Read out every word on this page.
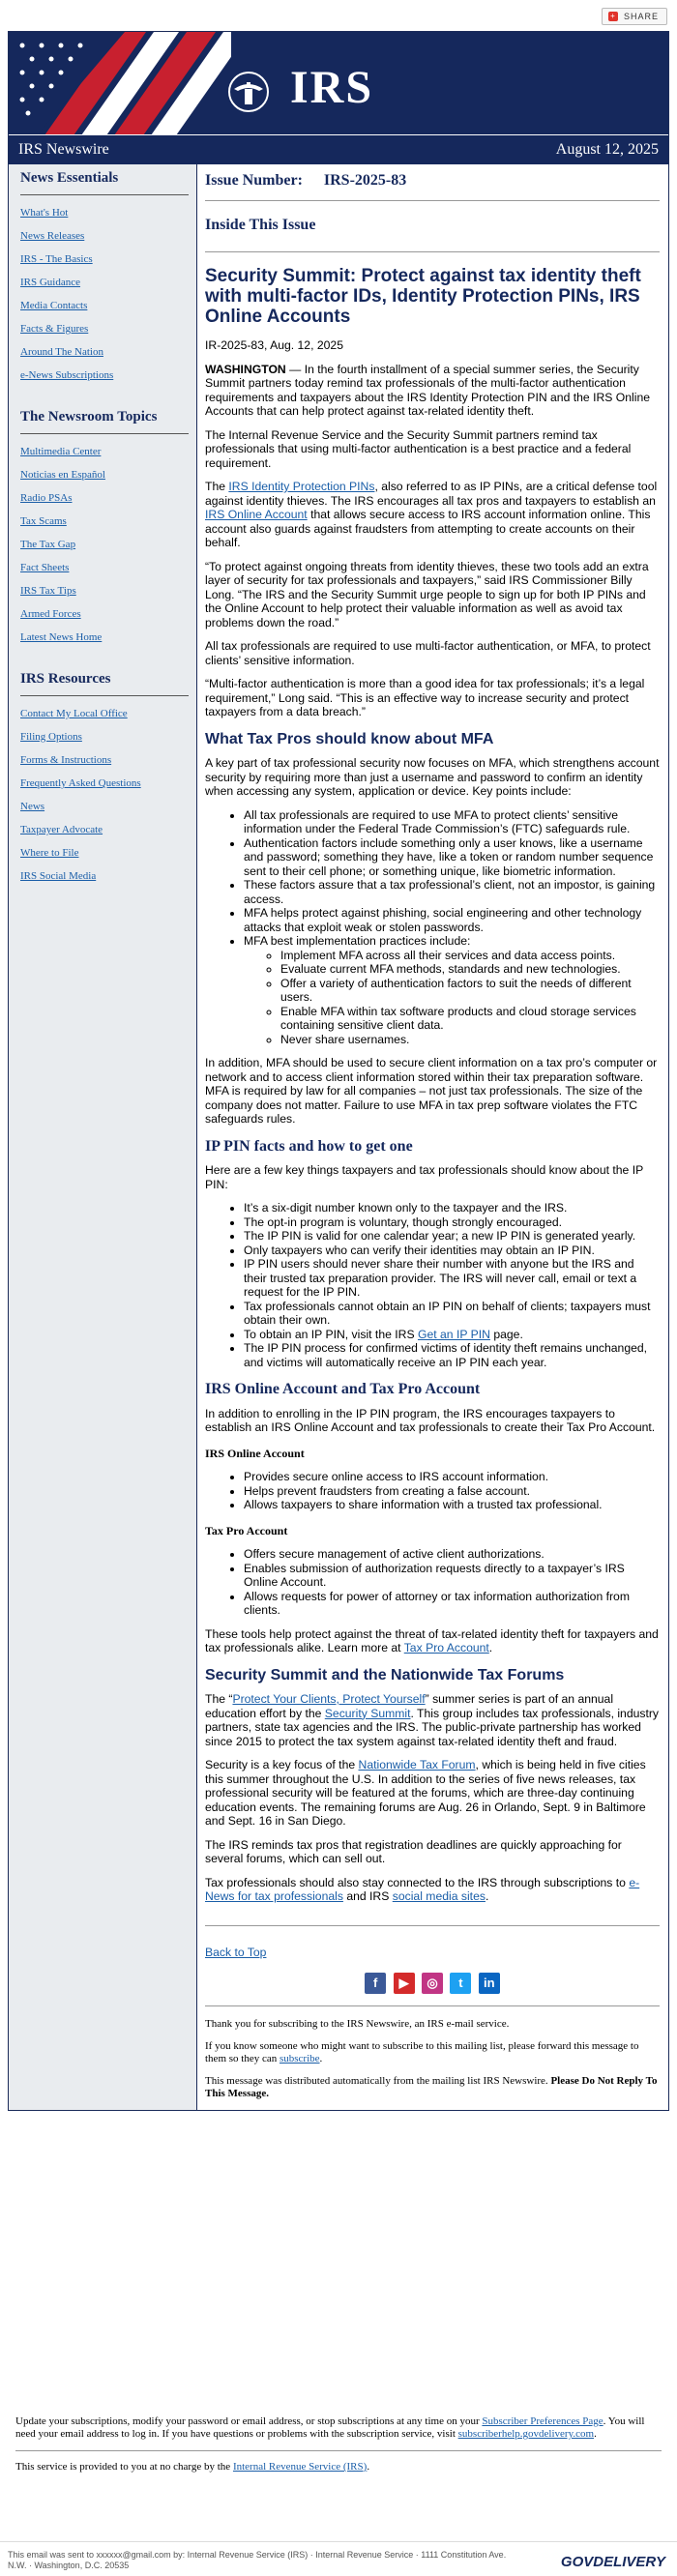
+ SHARE
IRS
IRS Newswire	August 12, 2025
News Essentials
What's Hot
News Releases
IRS - The Basics
IRS Guidance
Media Contacts
Facts & Figures
Around The Nation
e-News Subscriptions
The Newsroom Topics
Multimedia Center
Noticias en Español
Radio PSAs
Tax Scams
The Tax Gap
Fact Sheets
IRS Tax Tips
Armed Forces
Latest News Home
IRS Resources
Contact My Local Office
Filing Options
Forms & Instructions
Frequently Asked Questions
News
Taxpayer Advocate
Where to File
IRS Social Media
Issue Number: IRS-2025-83
Inside This Issue
Security Summit: Protect against tax identity theft with multi-factor IDs, Identity Protection PINs, IRS Online Accounts

IR-2025-83, Aug. 12, 2025

WASHINGTON — In the fourth installment of a special summer series, the Security Summit partners today remind tax professionals of the multi-factor authentication requirements and taxpayers about the IRS Identity Protection PIN and the IRS Online Accounts that can help protect against tax-related identity theft.

The Internal Revenue Service and the Security Summit partners remind tax professionals that using multi-factor authentication is a best practice and a federal requirement.

The IRS Identity Protection PINs, also referred to as IP PINs, are a critical defense tool against identity thieves. The IRS encourages all tax pros and taxpayers to establish an IRS Online Account that allows secure access to IRS account information online. This account also guards against fraudsters from attempting to create accounts on their behalf.

“To protect against ongoing threats from identity thieves, these two tools add an extra layer of security for tax professionals and taxpayers,” said IRS Commissioner Billy Long. “The IRS and the Security Summit urge people to sign up for both IP PINs and the Online Account to help protect their valuable information as well as avoid tax problems down the road.”

All tax professionals are required to use multi-factor authentication, or MFA, to protect clients’ sensitive information.

“Multi-factor authentication is more than a good idea for tax professionals; it’s a legal requirement,” Long said. “This is an effective way to increase security and protect taxpayers from a data breach.”

What Tax Pros should know about MFA

A key part of tax professional security now focuses on MFA, which strengthens account security by requiring more than just a username and password to confirm an identity when accessing any system, application or device. Key points include:

• All tax professionals are required to use MFA to protect clients’ sensitive information under the Federal Trade Commission’s (FTC) safeguards rule.
• Authentication factors include something only a user knows, like a username and password; something they have, like a token or random number sequence sent to their cell phone; or something unique, like biometric information.
• These factors assure that a tax professional’s client, not an impostor, is gaining access.
• MFA helps protect against phishing, social engineering and other technology attacks that exploit weak or stolen passwords.
• MFA best implementation practices include:
◦ Implement MFA across all their services and data access points.
◦ Evaluate current MFA methods, standards and new technologies.
◦ Offer a variety of authentication factors to suit the needs of different users.
◦ Enable MFA within tax software products and cloud storage services containing sensitive client data.
◦ Never share usernames.

In addition, MFA should be used to secure client information on a tax pro’s computer or network and to access client information stored within their tax preparation software. MFA is required by law for all companies – not just tax professionals. The size of the company does not matter. Failure to use MFA in tax prep software violates the FTC safeguards rules.

IP PIN facts and how to get one

Here are a few key things taxpayers and tax professionals should know about the IP PIN:

• It’s a six-digit number known only to the taxpayer and the IRS.
• The opt-in program is voluntary, though strongly encouraged.
• The IP PIN is valid for one calendar year; a new IP PIN is generated yearly.
• Only taxpayers who can verify their identities may obtain an IP PIN.
• IP PIN users should never share their number with anyone but the IRS and their trusted tax preparation provider. The IRS will never call, email or text a request for the IP PIN.
• Tax professionals cannot obtain an IP PIN on behalf of clients; taxpayers must obtain their own.
• To obtain an IP PIN, visit the IRS Get an IP PIN page.
• The IP PIN process for confirmed victims of identity theft remains unchanged, and victims will automatically receive an IP PIN each year.
IRS Online Account and Tax Pro Account

In addition to enrolling in the IP PIN program, the IRS encourages taxpayers to establish an IRS Online Account and tax professionals to create their Tax Pro Account.

IRS Online Account
• Provides secure online access to IRS account information.
• Helps prevent fraudsters from creating a false account.
• Allows taxpayers to share information with a trusted tax professional.
Tax Pro Account
• Offers secure management of active client authorizations.
• Enables submission of authorization requests directly to a taxpayer’s IRS Online Account.
• Allows requests for power of attorney or tax information authorization from clients.

These tools help protect against the threat of tax-related identity theft for taxpayers and tax professionals alike. Learn more at Tax Pro Account.

Security Summit and the Nationwide Tax Forums

The “Protect Your Clients, Protect Yourself” summer series is part of an annual education effort by the Security Summit. This group includes tax professionals, industry partners, state tax agencies and the IRS. The public-private partnership has worked since 2015 to protect the tax system against tax-related identity theft and fraud.

Security is a key focus of the Nationwide Tax Forum, which is being held in five cities this summer throughout the U.S. In addition to the series of five news releases, tax professional security will be featured at the forums, which are three-day continuing education events. The remaining forums are Aug. 26 in Orlando, Sept. 9 in Baltimore and Sept. 16 in San Diego.

The IRS reminds tax pros that registration deadlines are quickly approaching for several forums, which can sell out.

Tax professionals should also stay connected to the IRS through subscriptions to e-News for tax professionals and IRS social media sites.

Back to Top

f ▶ ◎ t in

Thank you for subscribing to the IRS Newswire, an IRS e-mail service.

If you know someone who might want to subscribe to this mailing list, please forward this message to them so they can subscribe.

This message was distributed automatically from the mailing list IRS Newswire. Please Do Not Reply To This Message.

Update your subscriptions, modify your password or email address, or stop subscriptions at any time on your Subscriber Preferences Page. You will need your email address to log in. If you have questions or problems with the subscription service, visit subscriberhelp.govdelivery.com.

This service is provided to you at no charge by the Internal Revenue Service (IRS).

This email was sent to xxxxxx@gmail.com by: Internal Revenue Service (IRS) · Internal Revenue Service · 1111 Constitution Ave. N.W. · Washington, D.C. 20535	GOVDELIVERY
